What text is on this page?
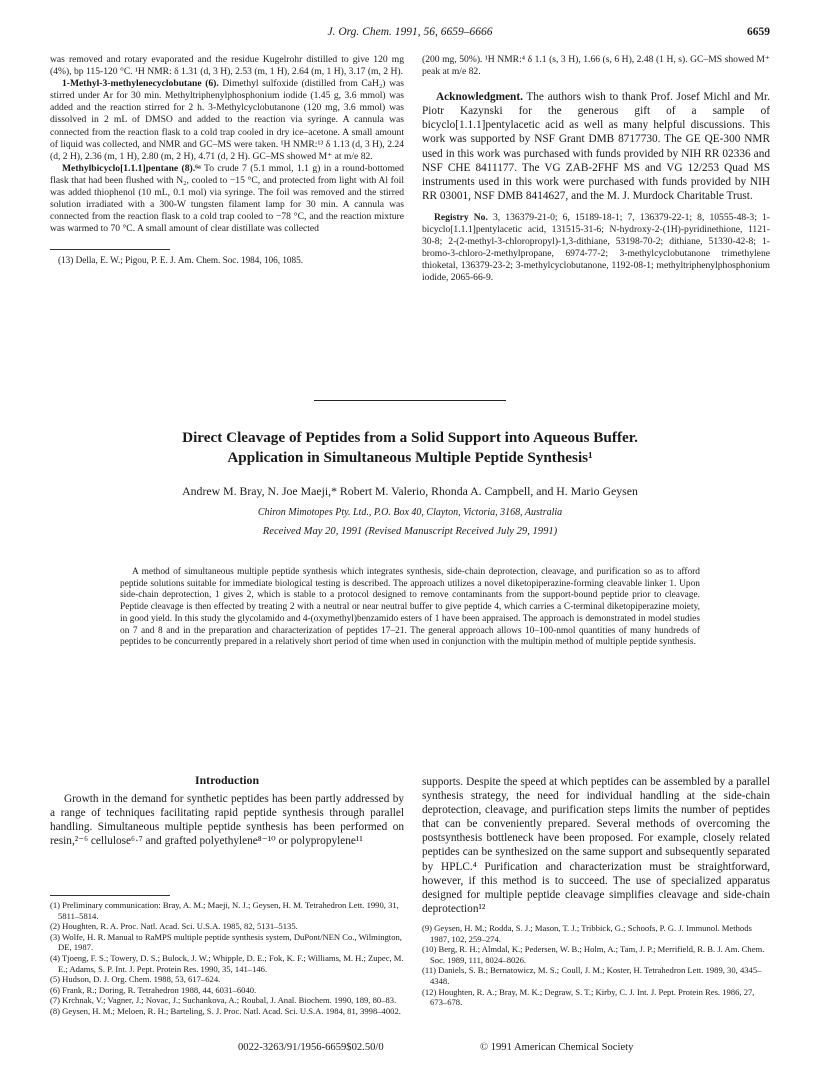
J. Org. Chem. 1991, 56, 6659–6666	6659

was removed and rotary evaporated and the residue Kugelrohr distilled to give 120 mg (4%), bp 115-120 °C. ¹H NMR: δ 1.31 (d, 3 H), 2.53 (m, 1 H), 2.64 (m, 1 H), 3.17 (m, 2 H).

1-Methyl-3-methylenecyclobutane (6). Dimethyl sulfoxide (distilled from CaH₂) was stirred under Ar for 30 min. Methyltriphenylphosphonium iodide (1.45 g, 3.6 mmol) was added and the reaction stirred for 2 h. 3-Methylcyclobutanone (120 mg, 3.6 mmol) was dissolved in 2 mL of DMSO and added to the reaction via syringe. A cannula was connected from the reaction flask to a cold trap cooled in dry ice–acetone. A small amount of liquid was collected, and NMR and GC–MS were taken. ¹H NMR:¹³ δ 1.13 (d, 3 H), 2.24 (d, 2 H), 2.36 (m, 1 H), 2.80 (m, 2 H), 4.71 (d, 2 H). GC–MS showed M⁺ at m/e 82.

Methylbicyclo[1.1.1]pentane (8).⁶ᵃ To crude 7 (5.1 mmol, 1.1 g) in a round-bottomed flask that had been flushed with N₂, cooled to −15 °C, and protected from light with Al foil was added thiophenol (10 mL, 0.1 mol) via syringe. The foil was removed and the stirred solution irradiated with a 300-W tungsten filament lamp for 30 min. A cannula was connected from the reaction flask to a cold trap cooled to −78 °C, and the reaction mixture was warmed to 70 °C. A small amount of clear distillate was collected

(13) Della, E. W.; Pigou, P. E. J. Am. Chem. Soc. 1984, 106, 1085.

(200 mg, 50%). ¹H NMR:⁴ δ 1.1 (s, 3 H), 1.66 (s, 6 H), 2.48 (1 H, s). GC–MS showed M⁺ peak at m/e 82.

Acknowledgment. The authors wish to thank Prof. Josef Michl and Mr. Piotr Kazynski for the generous gift of a sample of bicyclo[1.1.1]pentylacetic acid as well as many helpful discussions. This work was supported by NSF Grant DMB 8717730. The GE QE-300 NMR used in this work was purchased with funds provided by NIH RR 02336 and NSF CHE 8411177. The VG ZAB-2FHF MS and VG 12/253 Quad MS instruments used in this work were purchased with funds provided by NIH RR 03001, NSF DMB 8414627, and the M. J. Murdock Charitable Trust.

Registry No. 3, 136379-21-0; 6, 15189-18-1; 7, 136379-22-1; 8, 10555-48-3; 1-bicyclo[1.1.1]pentylacetic acid, 131515-31-6; N-hydroxy-2-(1H)-pyridinethione, 1121-30-8; 2-(2-methyl-3-chloropropyl)-1,3-dithiane, 53198-70-2; dithiane, 51330-42-8; 1-bromo-3-chloro-2-methylpropane, 6974-77-2; 3-methylcyclobutanone trimethylene thioketal, 136379-23-2; 3-methylcyclobutanone, 1192-08-1; methyltriphenylphosphonium iodide, 2065-66-9.

Direct Cleavage of Peptides from a Solid Support into Aqueous Buffer.
Application in Simultaneous Multiple Peptide Synthesis¹
Andrew M. Bray, N. Joe Maeji,* Robert M. Valerio, Rhonda A. Campbell, and H. Mario Geysen
Chiron Mimotopes Pty. Ltd., P.O. Box 40, Clayton, Victoria, 3168, Australia
Received May 20, 1991 (Revised Manuscript Received July 29, 1991)

A method of simultaneous multiple peptide synthesis which integrates synthesis, side-chain deprotection, cleavage, and purification so as to afford peptide solutions suitable for immediate biological testing is described. The approach utilizes a novel diketopiperazine-forming cleavable linker 1. Upon side-chain deprotection, 1 gives 2, which is stable to a protocol designed to remove contaminants from the support-bound peptide prior to cleavage. Peptide cleavage is then effected by treating 2 with a neutral or near neutral buffer to give peptide 4, which carries a C-terminal diketopiperazine moiety, in good yield. In this study the glycolamido and 4-(oxymethyl)benzamido esters of 1 have been appraised. The approach is demonstrated in model studies on 7 and 8 and in the preparation and characterization of peptides 17–21. The general approach allows 10–100-nmol quantities of many hundreds of peptides to be concurrently prepared in a relatively short period of time when used in conjunction with the multipin method of multiple peptide synthesis.

Introduction

Growth in the demand for synthetic peptides has been partly addressed by a range of techniques facilitating rapid peptide synthesis through parallel handling. Simultaneous multiple peptide synthesis has been performed on resin,²⁻⁶ cellulose⁶·⁷ and grafted polyethylene⁸⁻¹⁰ or polypropylene¹¹

supports. Despite the speed at which peptides can be assembled by a parallel synthesis strategy, the need for individual handling at the side-chain deprotection, cleavage, and purification steps limits the number of peptides that can be conveniently prepared. Several methods of overcoming the postsynthesis bottleneck have been proposed. For example, closely related peptides can be synthesized on the same support and subsequently separated by HPLC.⁴ Purification and characterization must be straightforward, however, if this method is to succeed. The use of specialized apparatus designed for multiple peptide cleavage simplifies cleavage and side-chain deprotection¹²

(1) Preliminary communication: Bray, A. M.; Maeji, N. J.; Geysen, H. M. Tetrahedron Lett. 1990, 31, 5811–5814.

(2) Houghten, R. A. Proc. Natl. Acad. Sci. U.S.A. 1985, 82, 5131–5135.

(3) Wolfe, H. R. Manual to RaMPS multiple peptide synthesis system, DuPont/NEN Co., Wilmington, DE, 1987.

(4) Tjoeng, F. S.; Towery, D. S.; Bulock, J. W.; Whipple, D. E.; Fok, K. F.; Williams, M. H.; Zupec, M. E.; Adams, S. P. Int. J. Pept. Protein Res. 1990, 35, 141–146.

(5) Hudson, D. J. Org. Chem. 1988, 53, 617–624.

(6) Frank, R.; Doring, R. Tetrahedron 1988, 44, 6031–6040.

(7) Krchnak, V.; Vagner, J.; Novac, J.; Suchankova, A.; Roubal, J. Anal. Biochem. 1990, 189, 80–83.

(8) Geysen, H. M.; Meloen, R. H.; Barteling, S. J. Proc. Natl. Acad. Sci. U.S.A. 1984, 81, 3998–4002.

(9) Geysen, H. M.; Rodda, S. J.; Mason, T. J.; Tribbick, G.; Schoofs, P. G. J. Immunol. Methods 1987, 102, 259–274.

(10) Berg, R. H.; Almdal, K.; Pedersen, W. B.; Holm, A.; Tam, J. P.; Merrifield, R. B. J. Am. Chem. Soc. 1989, 111, 8024–8026.

(11) Daniels, S. B.; Bernatowicz, M. S.; Coull, J. M.; Koster, H. Tetrahedron Lett. 1989, 30, 4345–4348.

(12) Houghten, R. A.; Bray, M. K.; Degraw, S. T.; Kirby, C. J. Int. J. Pept. Protein Res. 1986, 27, 673–678.

0022-3263/91/1956-6659$02.50/0	© 1991 American Chemical Society
